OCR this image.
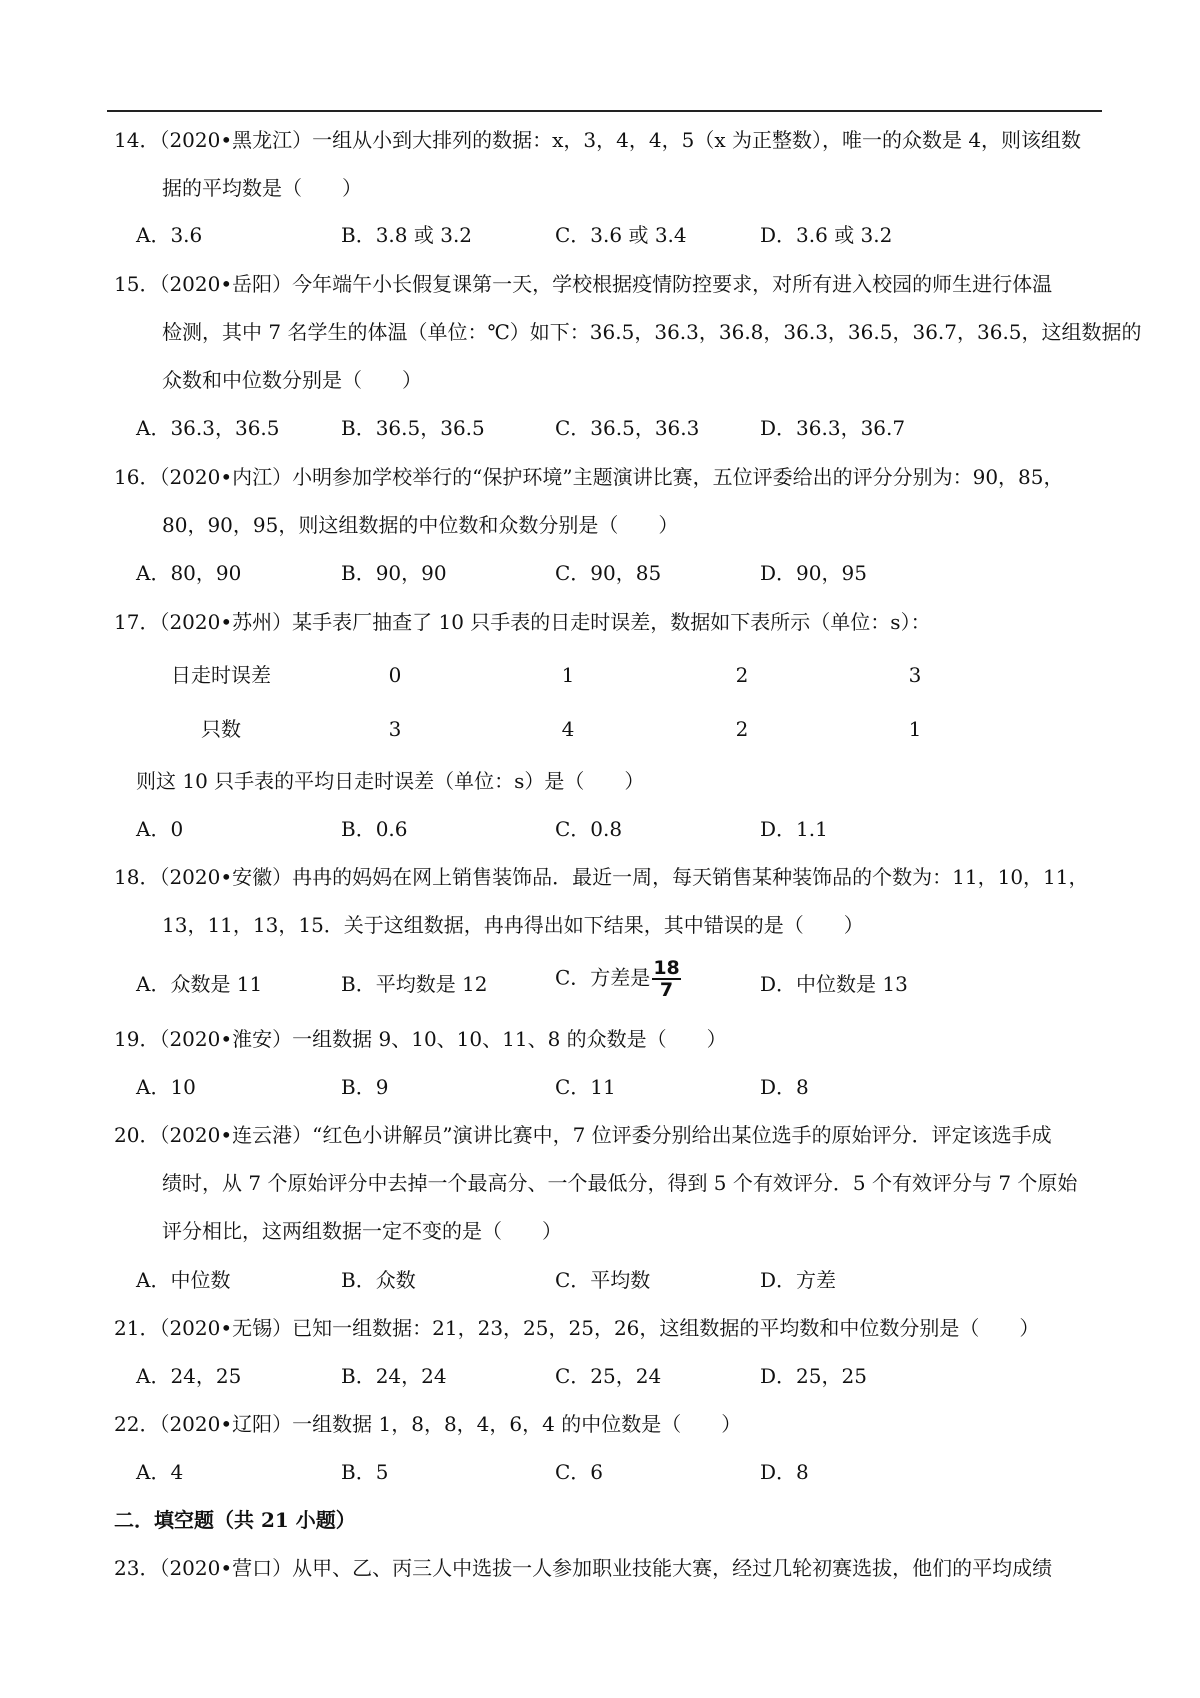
14．（2020•黑龙江）一组从小到大排列的数据：x，3，4，4，5（x 为正整数），唯一的众数是 4，则该组数
据的平均数是（　　）
A．3.6	B．3.8 或 3.2	C．3.6 或 3.4	D．3.6 或 3.2
15．（2020•岳阳）今年端午小长假复课第一天，学校根据疫情防控要求，对所有进入校园的师生进行体温
检测，其中 7 名学生的体温（单位：℃）如下：36.5，36.3，36.8，36.3，36.5，36.7，36.5，这组数据的
众数和中位数分别是（　　）
A．36.3，36.5	B．36.5，36.5	C．36.5，36.3	D．36.3，36.7
16．（2020•内江）小明参加学校举行的“保护环境”主题演讲比赛，五位评委给出的评分分别为：90，85，
80，90，95，则这组数据的中位数和众数分别是（　　）
A．80，90	B．90，90	C．90，85	D．90，95
17．（2020•苏州）某手表厂抽查了 10 只手表的日走时误差，数据如下表所示（单位：s）：
日走时误差	0	1	2	3
只数	3	4	2	1
则这 10 只手表的平均日走时误差（单位：s）是（　　）
A．0	B．0.6	C．0.8	D．1.1
18．（2020•安徽）冉冉的妈妈在网上销售装饰品．最近一周，每天销售某种装饰品的个数为：11，10，11，
13，11，13，15．关于这组数据，冉冉得出如下结果，其中错误的是（　　）
A．众数是 11	B．平均数是 12	C．方差是 $\frac{18}{7}$	D．中位数是 13
19．（2020•淮安）一组数据 9、10、10、11、8 的众数是（　　）
A．10	B．9	C．11	D．8
20．（2020•连云港）“红色小讲解员”演讲比赛中，7 位评委分别给出某位选手的原始评分．评定该选手成
绩时，从 7 个原始评分中去掉一个最高分、一个最低分，得到 5 个有效评分．5 个有效评分与 7 个原始
评分相比，这两组数据一定不变的是（　　）
A．中位数	B．众数	C．平均数	D．方差
21．（2020•无锡）已知一组数据：21，23，25，25，26，这组数据的平均数和中位数分别是（　　）
A．24，25	B．24，24	C．25，24	D．25，25
22．（2020•辽阳）一组数据 1，8，8，4，6，4 的中位数是（　　）
A．4	B．5	C．6	D．8
二．填空题（共 21 小题）
23．（2020•营口）从甲、乙、丙三人中选拔一人参加职业技能大赛，经过几轮初赛选拔，他们的平均成绩
